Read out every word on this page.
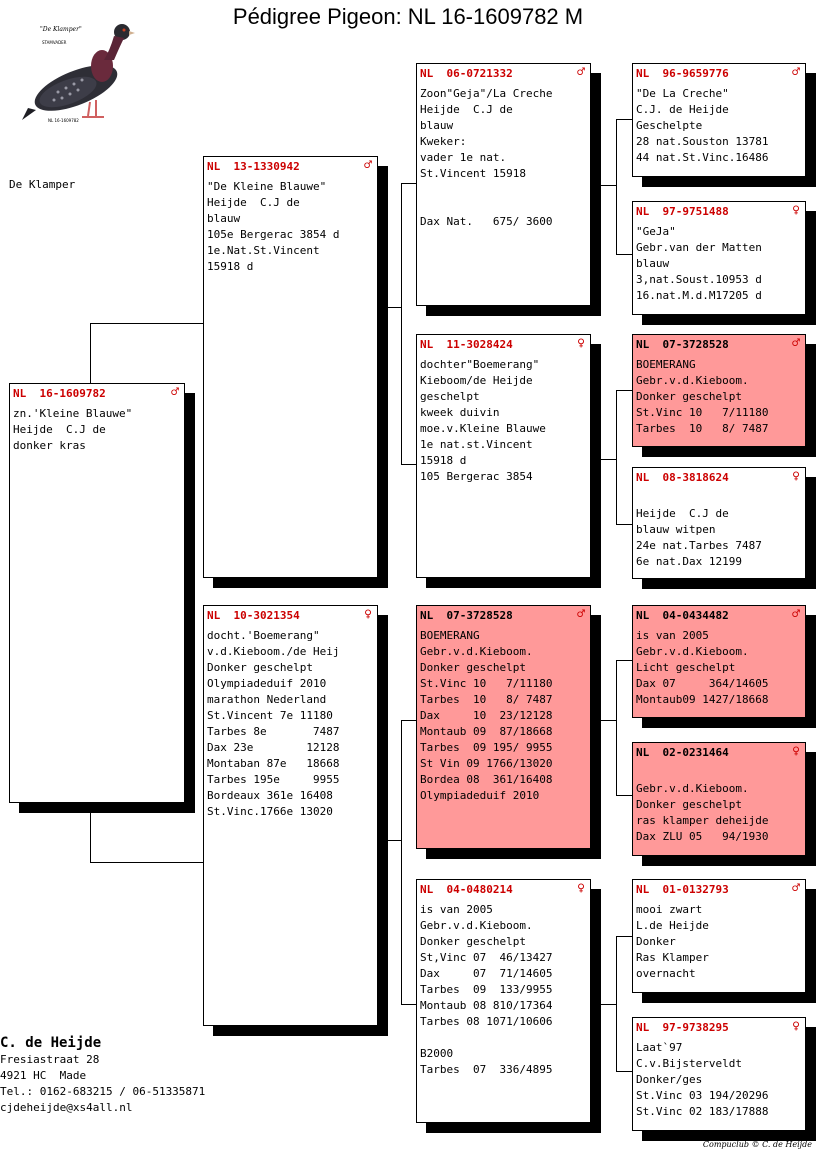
Pédigree Pigeon: NL 16-1609782 M
"De Klamper"
STAMVADER
NL 16-1609782
De Klamper
NL  16-1609782	♂
zn.'Kleine Blauwe"
Heijde  C.J de
donker kras
NL  13-1330942	♂
"De Kleine Blauwe"
Heijde  C.J de
blauw
105e Bergerac 3854 d
1e.Nat.St.Vincent
15918 d
NL  10-3021354	♀
docht.'Boemerang"
v.d.Kieboom./de Heij
Donker geschelpt
Olympiadeduif 2010
marathon Nederland
St.Vincent 7e 11180
Tarbes 8e       7487
Dax 23e        12128
Montaban 87e   18668
Tarbes 195e     9955
Bordeaux 361e 16408
St.Vinc.1766e 13020
NL  06-0721332	♂
Zoon"Geja"/La Creche
Heijde  C.J de
blauw
Kweker:
vader 1e nat.
St.Vincent 15918
Dax Nat.   675/ 3600
NL  11-3028424	♀
dochter"Boemerang"
Kieboom/de Heijde
geschelpt
kweek duivin
moe.v.Kleine Blauwe
1e nat.st.Vincent
15918 d
105 Bergerac 3854
NL  07-3728528	♂
BOEMERANG
Gebr.v.d.Kieboom.
Donker geschelpt
St.Vinc 10   7/11180
Tarbes  10   8/ 7487
Dax     10  23/12128
Montaub 09  87/18668
Tarbes  09 195/ 9955
St Vin 09 1766/13020
Bordea 08  361/16408
Olympiadeduif 2010
NL  04-0480214	♀
is van 2005
Gebr.v.d.Kieboom.
Donker geschelpt
St,Vinc 07  46/13427
Dax     07  71/14605
Tarbes  09  133/9955
Montaub 08 810/17364
Tarbes 08 1071/10606
B2000
Tarbes  07  336/4895
NL  96-9659776	♂
"De La Creche"
C.J. de Heijde
Geschelpte
28 nat.Souston 13781
44 nat.St.Vinc.16486
NL  97-9751488	♀
"GeJa"
Gebr.van der Matten
blauw
3,nat.Soust.10953 d
16.nat.M.d.M17205 d
NL  07-3728528	♂
BOEMERANG
Gebr.v.d.Kieboom.
Donker geschelpt
St.Vinc 10   7/11180
Tarbes  10   8/ 7487
NL  08-3818624	♀
Heijde  C.J de
blauw witpen
24e nat.Tarbes 7487
6e nat.Dax 12199
NL  04-0434482	♂
is van 2005
Gebr.v.d.Kieboom.
Licht geschelpt
Dax 07     364/14605
Montaub09 1427/18668
NL  02-0231464	♀
Gebr.v.d.Kieboom.
Donker geschelpt
ras klamper deheijde
Dax ZLU 05   94/1930
NL  01-0132793	♂
mooi zwart
L.de Heijde
Donker
Ras Klamper
overnacht
NL  97-9738295	♀
Laat`97
C.v.Bijsterveldt
Donker/ges
St.Vinc 03 194/20296
St.Vinc 02 183/17888
C. de Heijde
Fresiastraat 28
4921 HC  Made
Tel.: 0162-683215 / 06-51335871
cjdeheijde@xs4all.nl
Compuclub © C. de Heijde
